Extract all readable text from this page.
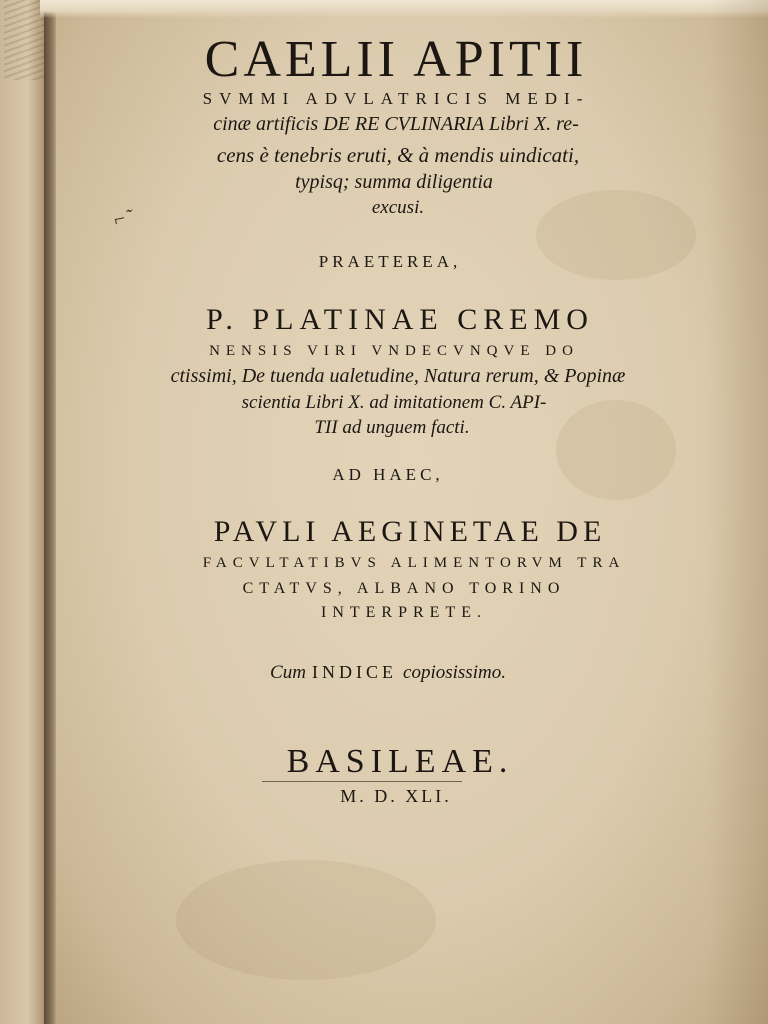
⌐˜
CAELII APITII
SVMMI ADVLATRICIS MEDI-
cinæ artificis DE RE CVLINARIA Libri X. re-
cens è tenebris eruti, & à mendis uindicati,
typisq; summa diligentia
excusi.
PRAETEREA,
P. PLATINAE CREMO
NENSIS VIRI VNDECVNQVE DO
ctissimi, De tuenda ualetudine, Natura rerum, & Popinæ
scientia Libri X. ad imitationem C. API-
TII ad unguem facti.
AD HAEC,
PAVLI AEGINETAE DE
FACVLTATIBVS ALIMENTORVM TRA
CTATVS, ALBANO TORINO
INTERPRETE.
Cum INDICE copiosissimo.
BASILEAE.
M. D. XLI.
